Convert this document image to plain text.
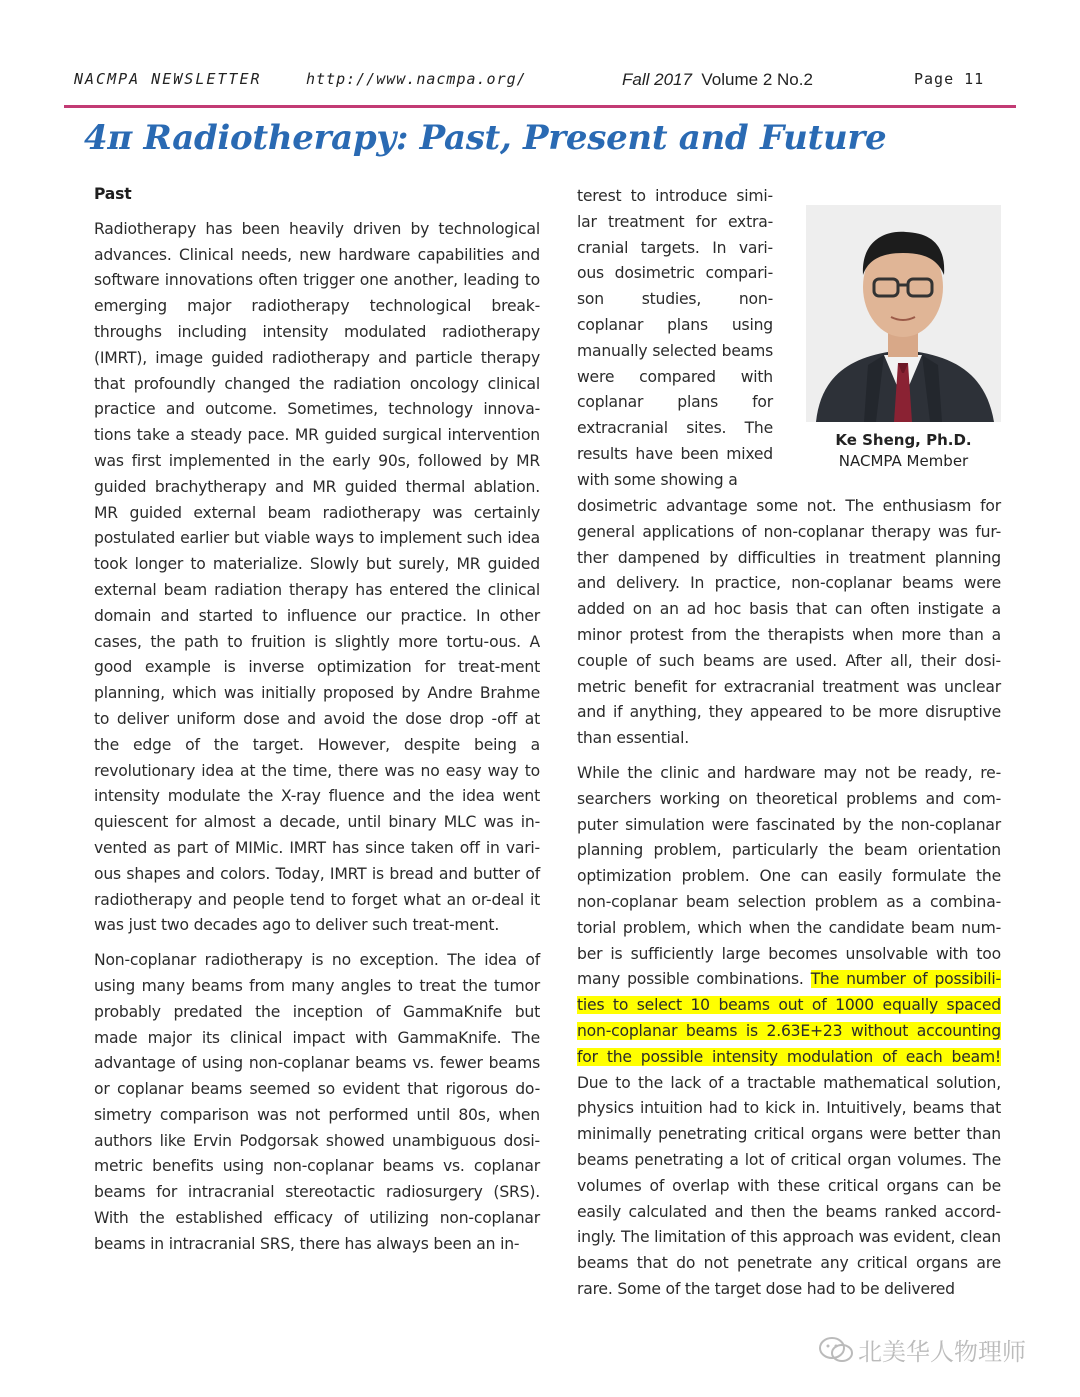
NACMPA NEWSLETTER	http://www.nacmpa.org/	Fall 2017 Volume 2 No.2	Page 11
4π Radiotherapy: Past, Present and Future

Past

Radiotherapy has been heavily driven by technological advances. Clinical needs, new hardware capabilities and software innovations often trigger one another, leading to emerging major radiotherapy technological break-throughs including intensity modulated radiotherapy (IMRT), image guided radiotherapy and particle therapy that profoundly changed the radiation oncology clinical practice and outcome. Sometimes, technology innova-tions take a steady pace. MR guided surgical intervention was first implemented in the early 90s, followed by MR guided brachytherapy and MR guided thermal ablation. MR guided external beam radiotherapy was certainly postulated earlier but viable ways to implement such idea took longer to materialize. Slowly but surely, MR guided external beam radiation therapy has entered the clinical domain and started to influence our practice. In other cases, the path to fruition is slightly more tortu-ous. A good example is inverse optimization for treat-ment planning, which was initially proposed by Andre Brahme to deliver uniform dose and avoid the dose drop -off at the edge of the target. However, despite being a revolutionary idea at the time, there was no easy way to intensity modulate the X-ray fluence and the idea went quiescent for almost a decade, until binary MLC was in-vented as part of MIMic. IMRT has since taken off in vari-ous shapes and colors. Today, IMRT is bread and butter of radiotherapy and people tend to forget what an or-deal it was just two decades ago to deliver such treat-ment.

Non-coplanar radiotherapy is no exception. The idea of using many beams from many angles to treat the tumor probably predated the inception of GammaKnife but made major its clinical impact with GammaKnife. The advantage of using non-coplanar beams vs. fewer beams or coplanar beams seemed so evident that rigorous do-simetry comparison was not performed until 80s, when authors like Ervin Podgorsak showed unambiguous dosi-metric benefits using non-coplanar beams vs. coplanar beams for intracranial stereotactic radiosurgery (SRS). With the established efficacy of utilizing non-coplanar beams in intracranial SRS, there has always been an in-

terest to introduce simi-lar treatment for extra-cranial targets. In vari-ous dosimetric compari-son studies, non-coplanar plans using manually selected beams were compared with coplanar plans for extracranial sites. The results have been mixed with some showing a
Ke Sheng, Ph.D.
NACMPA Member

dosimetric advantage some not. The enthusiasm for general applications of non-coplanar therapy was fur-ther dampened by difficulties in treatment planning and delivery. In practice, non-coplanar beams were added on an ad hoc basis that can often instigate a minor protest from the therapists when more than a couple of such beams are used. After all, their dosi-metric benefit for extracranial treatment was unclear and if anything, they appeared to be more disruptive than essential.

While the clinic and hardware may not be ready, re-searchers working on theoretical problems and com-puter simulation were fascinated by the non-coplanar planning problem, particularly the beam orientation optimization problem. One can easily formulate the non-coplanar beam selection problem as a combina-torial problem, which when the candidate beam num-ber is sufficiently large becomes unsolvable with too many possible combinations. The number of possibili-ties to select 10 beams out of 1000 equally spaced non-coplanar beams is 2.63E+23 without accounting for the possible intensity modulation of each beam! Due to the lack of a tractable mathematical solution, physics intuition had to kick in. Intuitively, beams that minimally penetrating critical organs were better than beams penetrating a lot of critical organ volumes. The volumes of overlap with these critical organs can be easily calculated and then the beams ranked accord-ingly. The limitation of this approach was evident, clean beams that do not penetrate any critical organs are rare. Some of the target dose had to be delivered

北美华人物理师
